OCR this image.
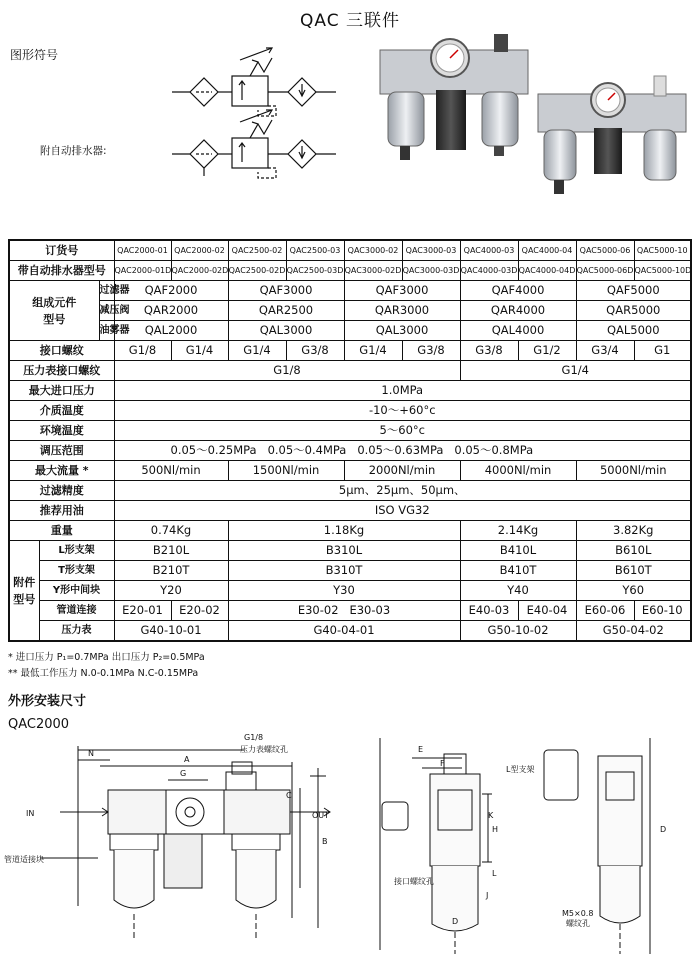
QAC 三联件
图形符号
附自动排水器:
订货号			QAC2000-01	QAC2000-02	QAC2500-02	QAC2500-03	QAC3000-02	QAC3000-03	QAC4000-03	QAC4000-04	QAC5000-06	QAC5000-10
带自动排水器型号			QAC2000-01D	QAC2000-02D	QAC2500-02D	QAC2500-03D	QAC3000-02D	QAC3000-03D	QAC4000-03D	QAC4000-04D	QAC5000-06D	QAC5000-10D
组成元件
型号		过滤器	QAF2000		QAF3000		QAF3000		QAF4000		QAF5000	
		减压阀	QAR2000		QAR2500		QAR3000		QAR4000		QAR5000	
		油雾器	QAL2000		QAL3000		QAL3000		QAL4000		QAL5000	
接口螺纹			G1/8	G1/4	G1/4	G3/8	G1/4	G3/8	G3/8	G1/2	G3/4	G1
压力表接口螺纹			G1/8						G1/4			
最大进口压力			1.0MPa									
介质温度			-10～+60°c									
环境温度			5～60°c									
调压范围			0.05～0.25MPa   0.05～0.4MPa   0.05～0.63MPa   0.05～0.8MPa									
最大流量 *			500Nl/min		1500Nl/min		2000Nl/min		4000Nl/min		5000Nl/min	
过滤精度			5μm、25μm、50μm、									
推荐用油			ISO VG32									
重量			0.74Kg		1.18Kg				2.14Kg		3.82Kg	
附件
型号	L形支架		B210L		B310L				B410L		B610L	
	T形支架		B210T		B310T				B410T		B610T	
	Y形中间块		Y20		Y30				Y40		Y60	
	管道连接		E20-01	E20-02	E30-02   E30-03				E40-03	E40-04	E60-06	E60-10
	压力表		G40-10-01		G40-04-01				G50-10-02		G50-04-02	
* 进口压力 P₁=0.7MPa 出口压力 P₂=0.5MPa
** 最低工作压力 N.0-0.1MPa N.C-0.15MPa
外形安装尺寸
QAC2000
G1/8
压力表螺纹孔
N
A
G
C
IN	OUT
B
管道适接块
E
F
L型支架
H
K
L
J
D
接口螺纹孔
D
M5×0.8
螺纹孔
